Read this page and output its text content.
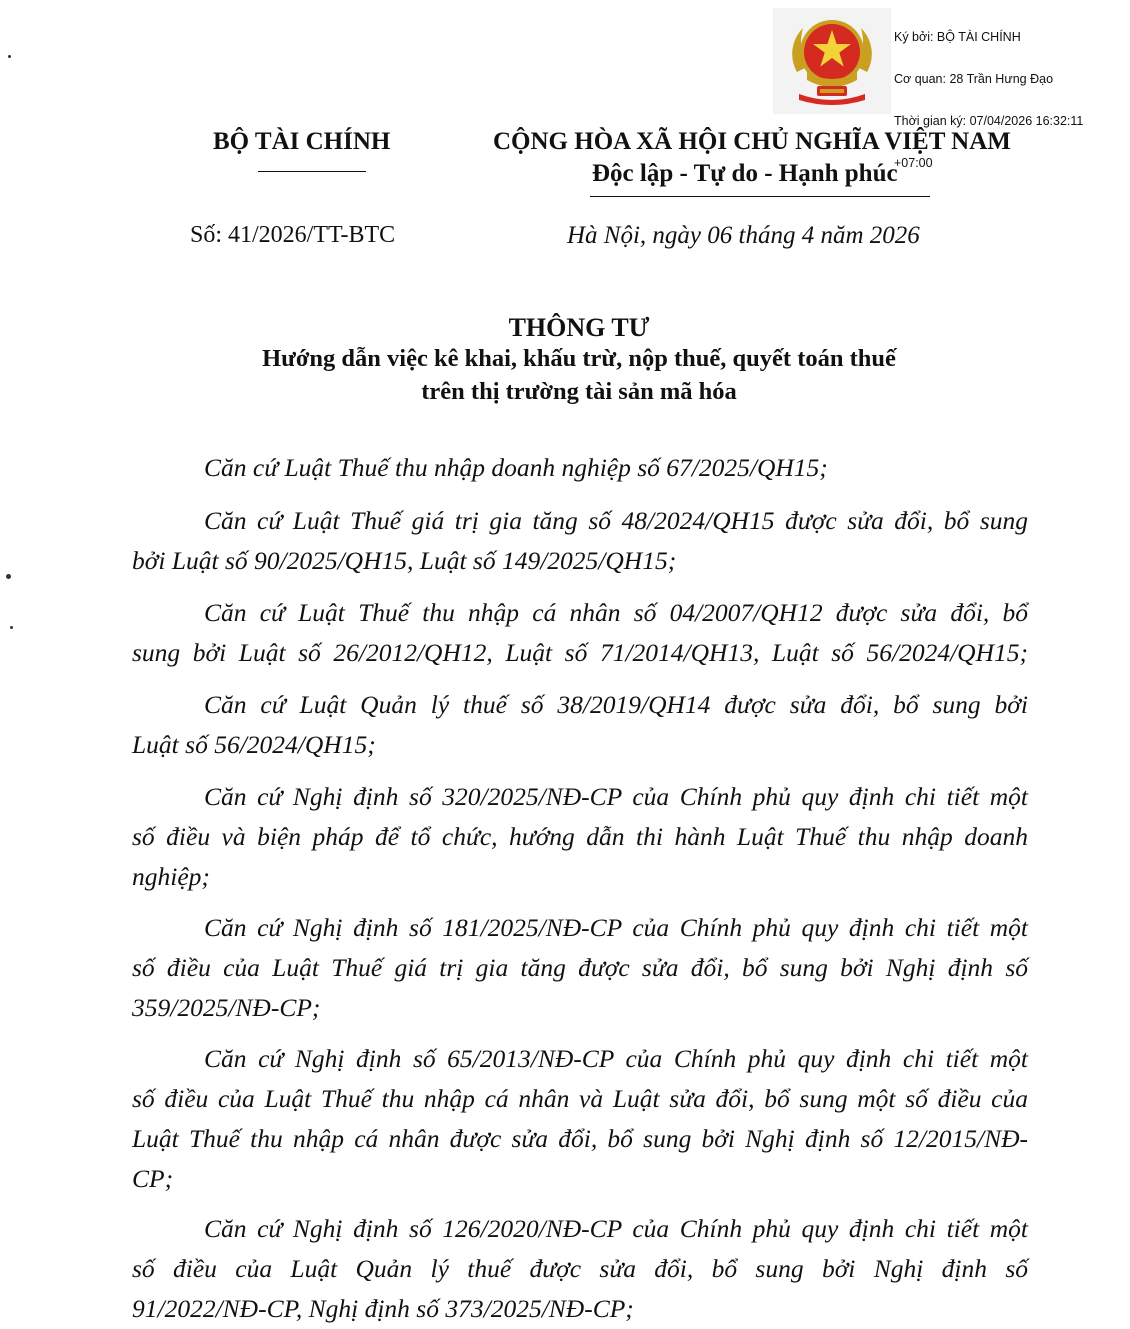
Ký bởi: BỘ TÀI CHÍNH

Cơ quan: 28 Trần Hưng Đạo

Thời gian ký: 07/04/2026 16:32:11

+07:00

BỘ TÀI CHÍNH	CỘNG HÒA XÃ HỘI CHỦ NGHĨA VIỆT NAM
Độc lập - Tự do - Hạnh phúc
Số: 41/2026/TT-BTC	Hà Nội, ngày 06 tháng 4 năm 2026
THÔNG TƯ
Hướng dẫn việc kê khai, khấu trừ, nộp thuế, quyết toán thuế
trên thị trường tài sản mã hóa
Căn cứ Luật Thuế thu nhập doanh nghiệp số 67/2025/QH15;
Căn cứ Luật Thuế giá trị gia tăng số 48/2024/QH15 được sửa đổi, bổ sung
bởi Luật số 90/2025/QH15, Luật số 149/2025/QH15;
Căn cứ Luật Thuế thu nhập cá nhân số 04/2007/QH12 được sửa đổi, bổ
sung bởi Luật số 26/2012/QH12, Luật số 71/2014/QH13, Luật số 56/2024/QH15;
Căn cứ Luật Quản lý thuế số 38/2019/QH14 được sửa đổi, bổ sung bởi
Luật số 56/2024/QH15;
Căn cứ Nghị định số 320/2025/NĐ-CP của Chính phủ quy định chi tiết một
số điều và biện pháp để tổ chức, hướng dẫn thi hành Luật Thuế thu nhập doanh
nghiệp;
Căn cứ Nghị định số 181/2025/NĐ-CP của Chính phủ quy định chi tiết một
số điều của Luật Thuế giá trị gia tăng được sửa đổi, bổ sung bởi Nghị định số
359/2025/NĐ-CP;
Căn cứ Nghị định số 65/2013/NĐ-CP của Chính phủ quy định chi tiết một
số điều của Luật Thuế thu nhập cá nhân và Luật sửa đổi, bổ sung một số điều của
Luật Thuế thu nhập cá nhân được sửa đổi, bổ sung bởi Nghị định số 12/2015/NĐ-
CP;
Căn cứ Nghị định số 126/2020/NĐ-CP của Chính phủ quy định chi tiết một
số điều của Luật Quản lý thuế được sửa đổi, bổ sung bởi Nghị định số
91/2022/NĐ-CP, Nghị định số 373/2025/NĐ-CP;
